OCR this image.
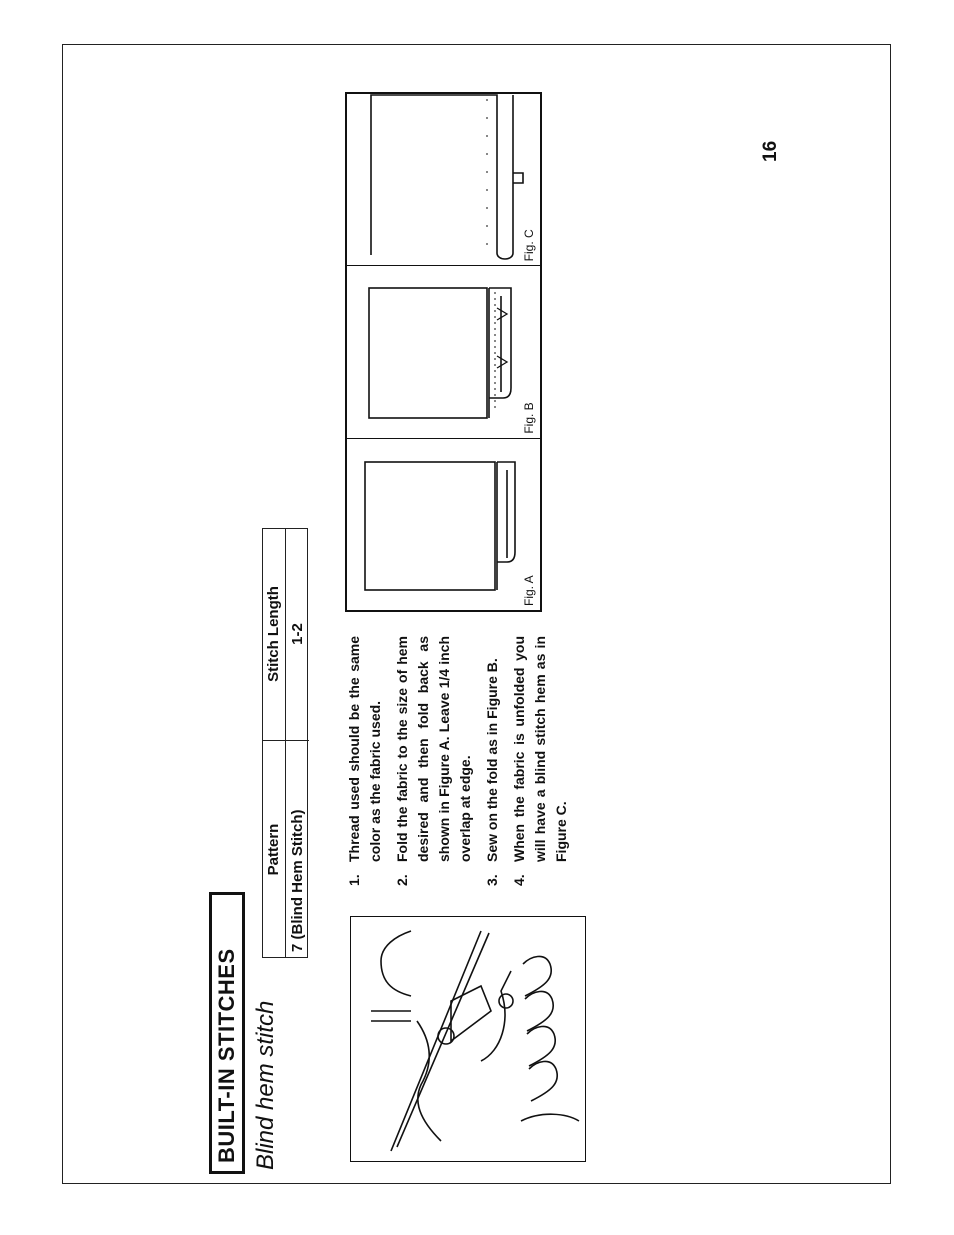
16
BUILT-IN STITCHES Blind hem stitch
Pattern	Stitch Length
7 (Blind Hem Stitch)	1-2
1.
Thread used should be the same color as the fabric used.
2.
Fold the fabric to the size of hem desired and then fold back as shown in Figure A. Leave 1/4 inch overlap at edge.
3.
Sew on the fold as in Figure B.
4.
When the fabric is unfolded you will have a blind stitch hem as in Figure C.
Fig. A
Fig. B
Fig. C
